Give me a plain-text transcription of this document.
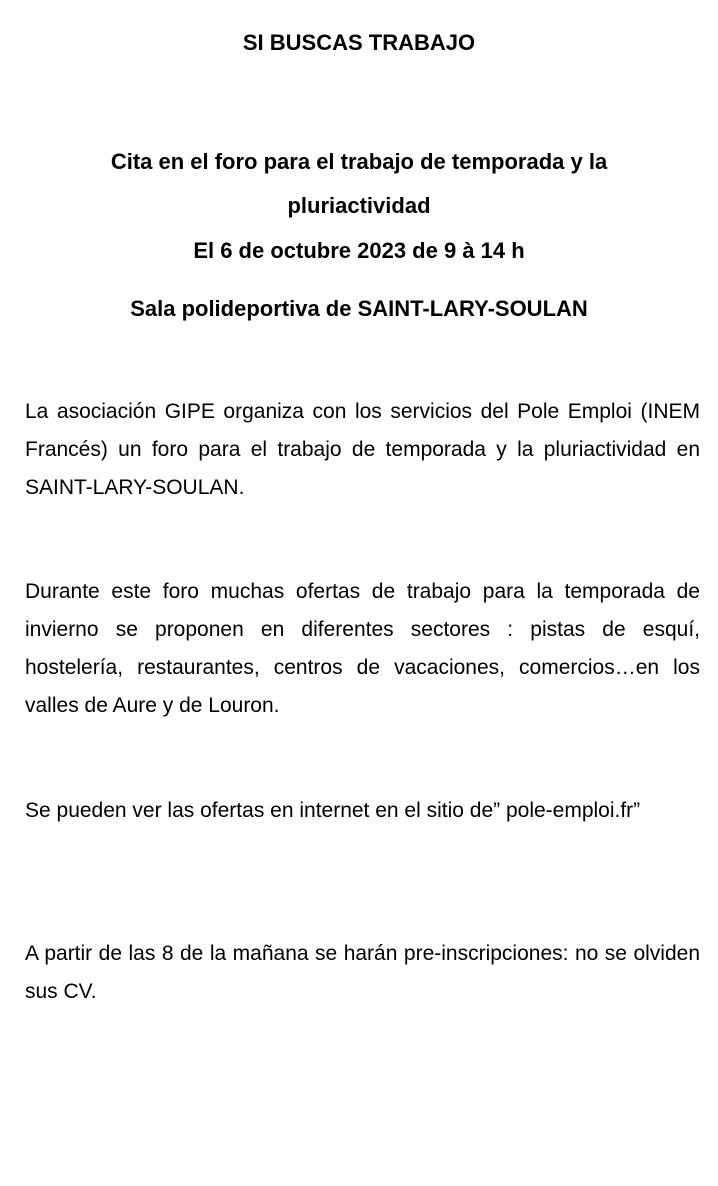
SI BUSCAS TRABAJO
Cita en el foro para el trabajo de temporada y la pluriactividad
El 6 de octubre 2023 de 9 à 14 h
Sala polideportiva de SAINT-LARY-SOULAN
La asociación GIPE organiza con los servicios del Pole Emploi (INEM Francés) un foro para el trabajo de temporada y la pluriactividad en SAINT-LARY-SOULAN.
Durante este foro muchas ofertas de trabajo para la temporada de invierno se proponen en diferentes sectores : pistas de esquí, hostelería, restaurantes, centros de vacaciones, comercios…en los valles de Aure y de Louron.
Se pueden ver las ofertas en internet en el sitio de” pole-emploi.fr”
A partir de las 8 de la mañana se harán pre-inscripciones: no se olviden sus CV.
